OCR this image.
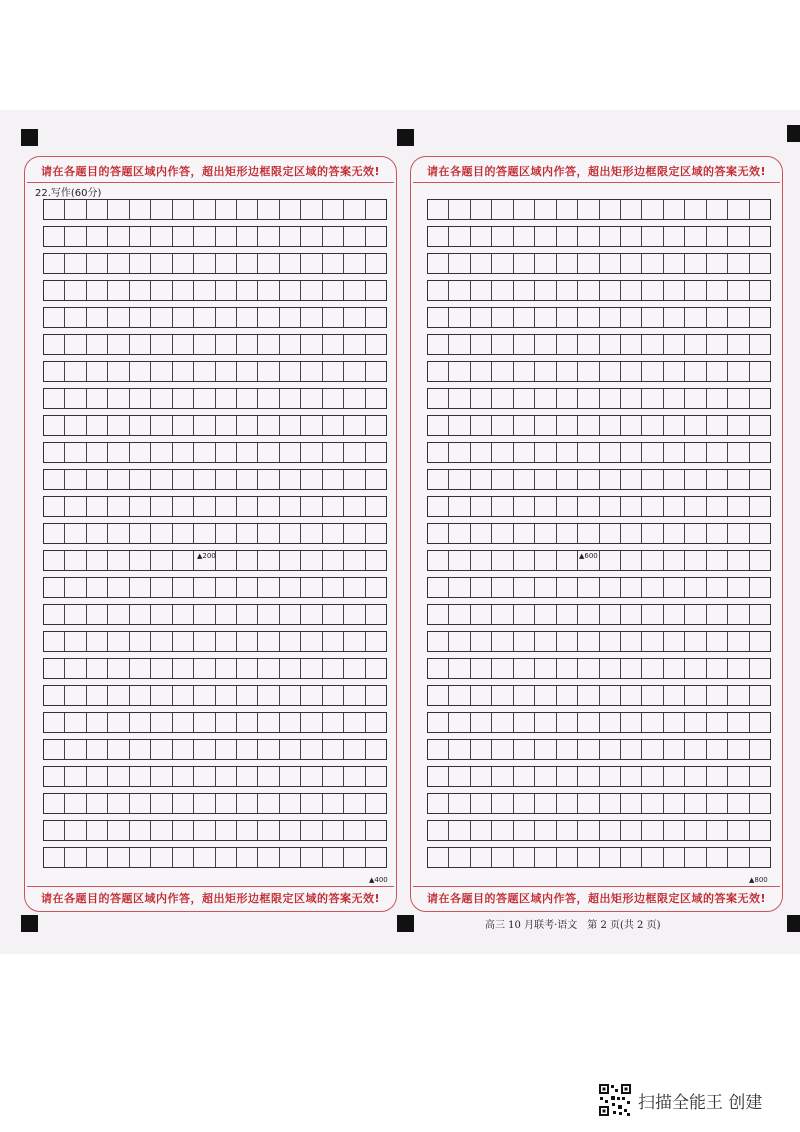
请在各题目的答题区域内作答，超出矩形边框限定区域的答案无效!
22.写作(60分)
▲200
▲400
请在各题目的答题区域内作答，超出矩形边框限定区域的答案无效!
请在各题目的答题区域内作答，超出矩形边框限定区域的答案无效!
▲600
▲800
请在各题目的答题区域内作答，超出矩形边框限定区域的答案无效!
高三 10 月联考·语文　第 2 页(共 2 页)
扫描全能王 创建
